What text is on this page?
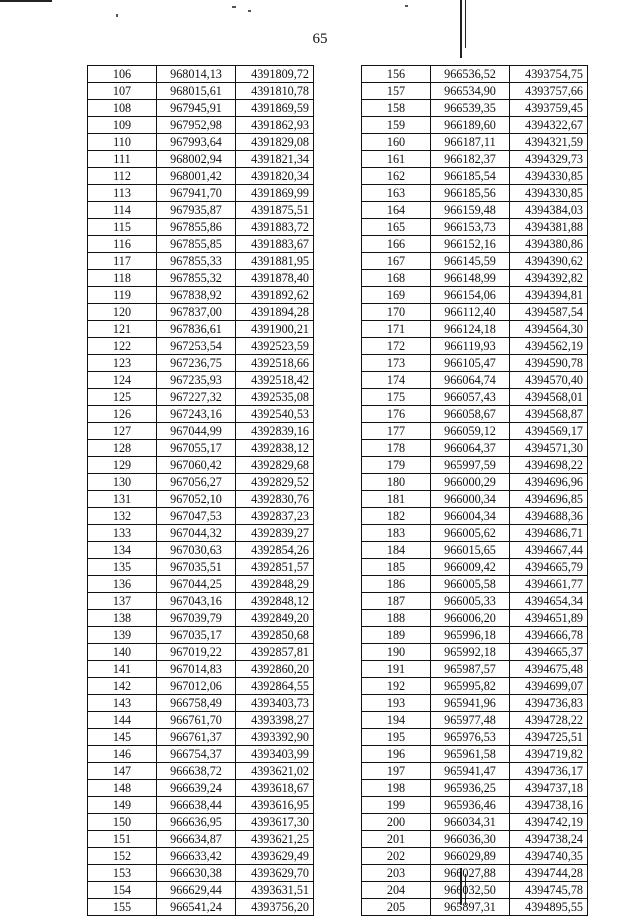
65
106	968014,13	4391809,72
107	968015,61	4391810,78
108	967945,91	4391869,59
109	967952,98	4391862,93
110	967993,64	4391829,08
111	968002,94	4391821,34
112	968001,42	4391820,34
113	967941,70	4391869,99
114	967935,87	4391875,51
115	967855,86	4391883,72
116	967855,85	4391883,67
117	967855,33	4391881,95
118	967855,32	4391878,40
119	967838,92	4391892,62
120	967837,00	4391894,28
121	967836,61	4391900,21
122	967253,54	4392523,59
123	967236,75	4392518,66
124	967235,93	4392518,42
125	967227,32	4392535,08
126	967243,16	4392540,53
127	967044,99	4392839,16
128	967055,17	4392838,12
129	967060,42	4392829,68
130	967056,27	4392829,52
131	967052,10	4392830,76
132	967047,53	4392837,23
133	967044,32	4392839,27
134	967030,63	4392854,26
135	967035,51	4392851,57
136	967044,25	4392848,29
137	967043,16	4392848,12
138	967039,79	4392849,20
139	967035,17	4392850,68
140	967019,22	4392857,81
141	967014,83	4392860,20
142	967012,06	4392864,55
143	966758,49	4393403,73
144	966761,70	4393398,27
145	966761,37	4393392,90
146	966754,37	4393403,99
147	966638,72	4393621,02
148	966639,24	4393618,67
149	966638,44	4393616,95
150	966636,95	4393617,30
151	966634,87	4393621,25
152	966633,42	4393629,49
153	966630,38	4393629,70
154	966629,44	4393631,51
155	966541,24	4393756,20
156	966536,52	4393754,75
157	966534,90	4393757,66
158	966539,35	4393759,45
159	966189,60	4394322,67
160	966187,11	4394321,59
161	966182,37	4394329,73
162	966185,54	4394330,85
163	966185,56	4394330,85
164	966159,48	4394384,03
165	966153,73	4394381,88
166	966152,16	4394380,86
167	966145,59	4394390,62
168	966148,99	4394392,82
169	966154,06	4394394,81
170	966112,40	4394587,54
171	966124,18	4394564,30
172	966119,93	4394562,19
173	966105,47	4394590,78
174	966064,74	4394570,40
175	966057,43	4394568,01
176	966058,67	4394568,87
177	966059,12	4394569,17
178	966064,37	4394571,30
179	965997,59	4394698,22
180	966000,29	4394696,96
181	966000,34	4394696,85
182	966004,34	4394688,36
183	966005,62	4394686,71
184	966015,65	4394667,44
185	966009,42	4394665,79
186	966005,58	4394661,77
187	966005,33	4394654,34
188	966006,20	4394651,89
189	965996,18	4394666,78
190	965992,18	4394665,37
191	965987,57	4394675,48
192	965995,82	4394699,07
193	965941,96	4394736,83
194	965977,48	4394728,22
195	965976,53	4394725,51
196	965961,58	4394719,82
197	965941,47	4394736,17
198	965936,25	4394737,18
199	965936,46	4394738,16
200	966034,31	4394742,19
201	966036,30	4394738,24
202	966029,89	4394740,35
203	966027,88	4394744,28
204	966032,50	4394745,78
205	965897,31	4394895,55
